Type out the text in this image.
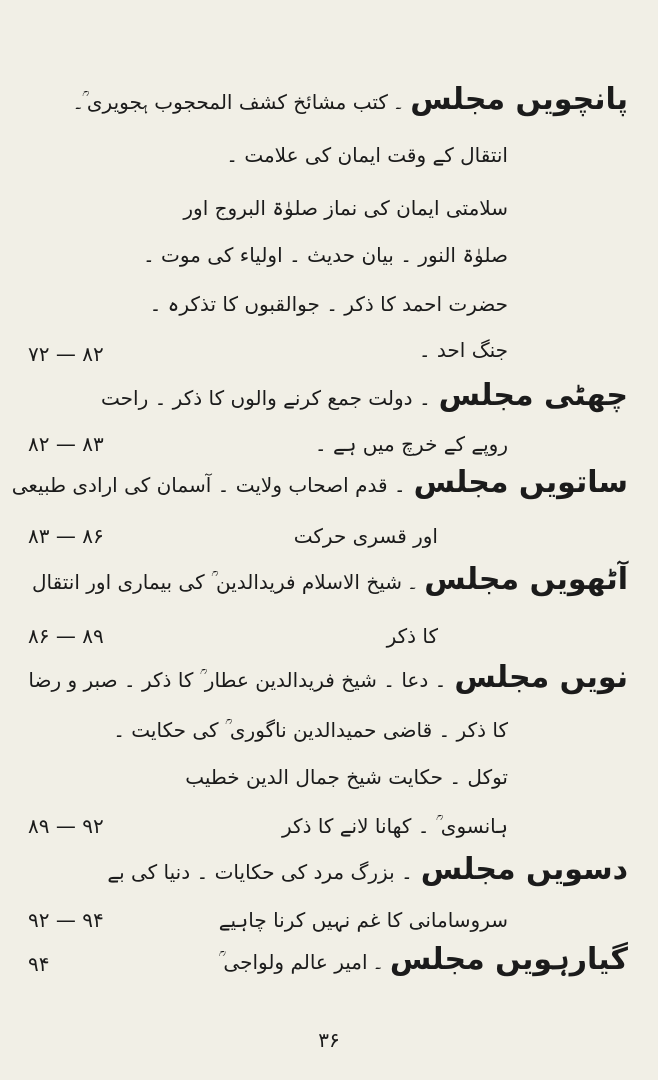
پانچویں مجلس۔ کتب مشائخ کشف المحجوب ہجویری ؒ۔
انتقال کے وقت ایمان کی علامت ۔
سلامتی ایمان کی نماز صلوٰۃ البروج اور
صلوٰۃ النور ۔ بیان حدیث ۔ اولیاء کی موت ۔
حضرت احمد کا ذکر ۔ جوالقبوں کا تذکرہ ۔
جنگ احد ۔
۷۲ — ۸۲
چھٹی مجلس۔ دولت جمع کرنے والوں کا ذکر ۔ راحت
روپے کے خرچ میں ہے ۔
۸۲ — ۸۳
ساتویں مجلس۔ قدم اصحاب ولایت ۔ آسمان کی ارادی طبیعی
اور قسری حرکت
۸۳ — ۸۶
آٹھویں مجلس۔ شیخ الاسلام فریدالدین ؒ کی بیماری اور انتقال
کا ذکر
۸۶ — ۸۹
نویں مجلس۔ دعا ۔ شیخ فریدالدین عطار ؒ کا ذکر ۔ صبر و رضا
کا ذکر ۔ قاضی حمیدالدین ناگوری ؒ کی حکایت ۔
توکل ۔ حکایت شیخ جمال الدین خطیب
ہانسوی ؒ ۔ کھانا لانے کا ذکر
۸۹ — ۹۲
دسویں مجلس۔ بزرگ مرد کی حکایات ۔ دنیا کی بے
سروسامانی کا غم نہیں کرنا چاہیے
۹۲ — ۹۴
گیارہویں مجلس۔ امیر عالم ولواجی ؒ
۹۴
۳۶
